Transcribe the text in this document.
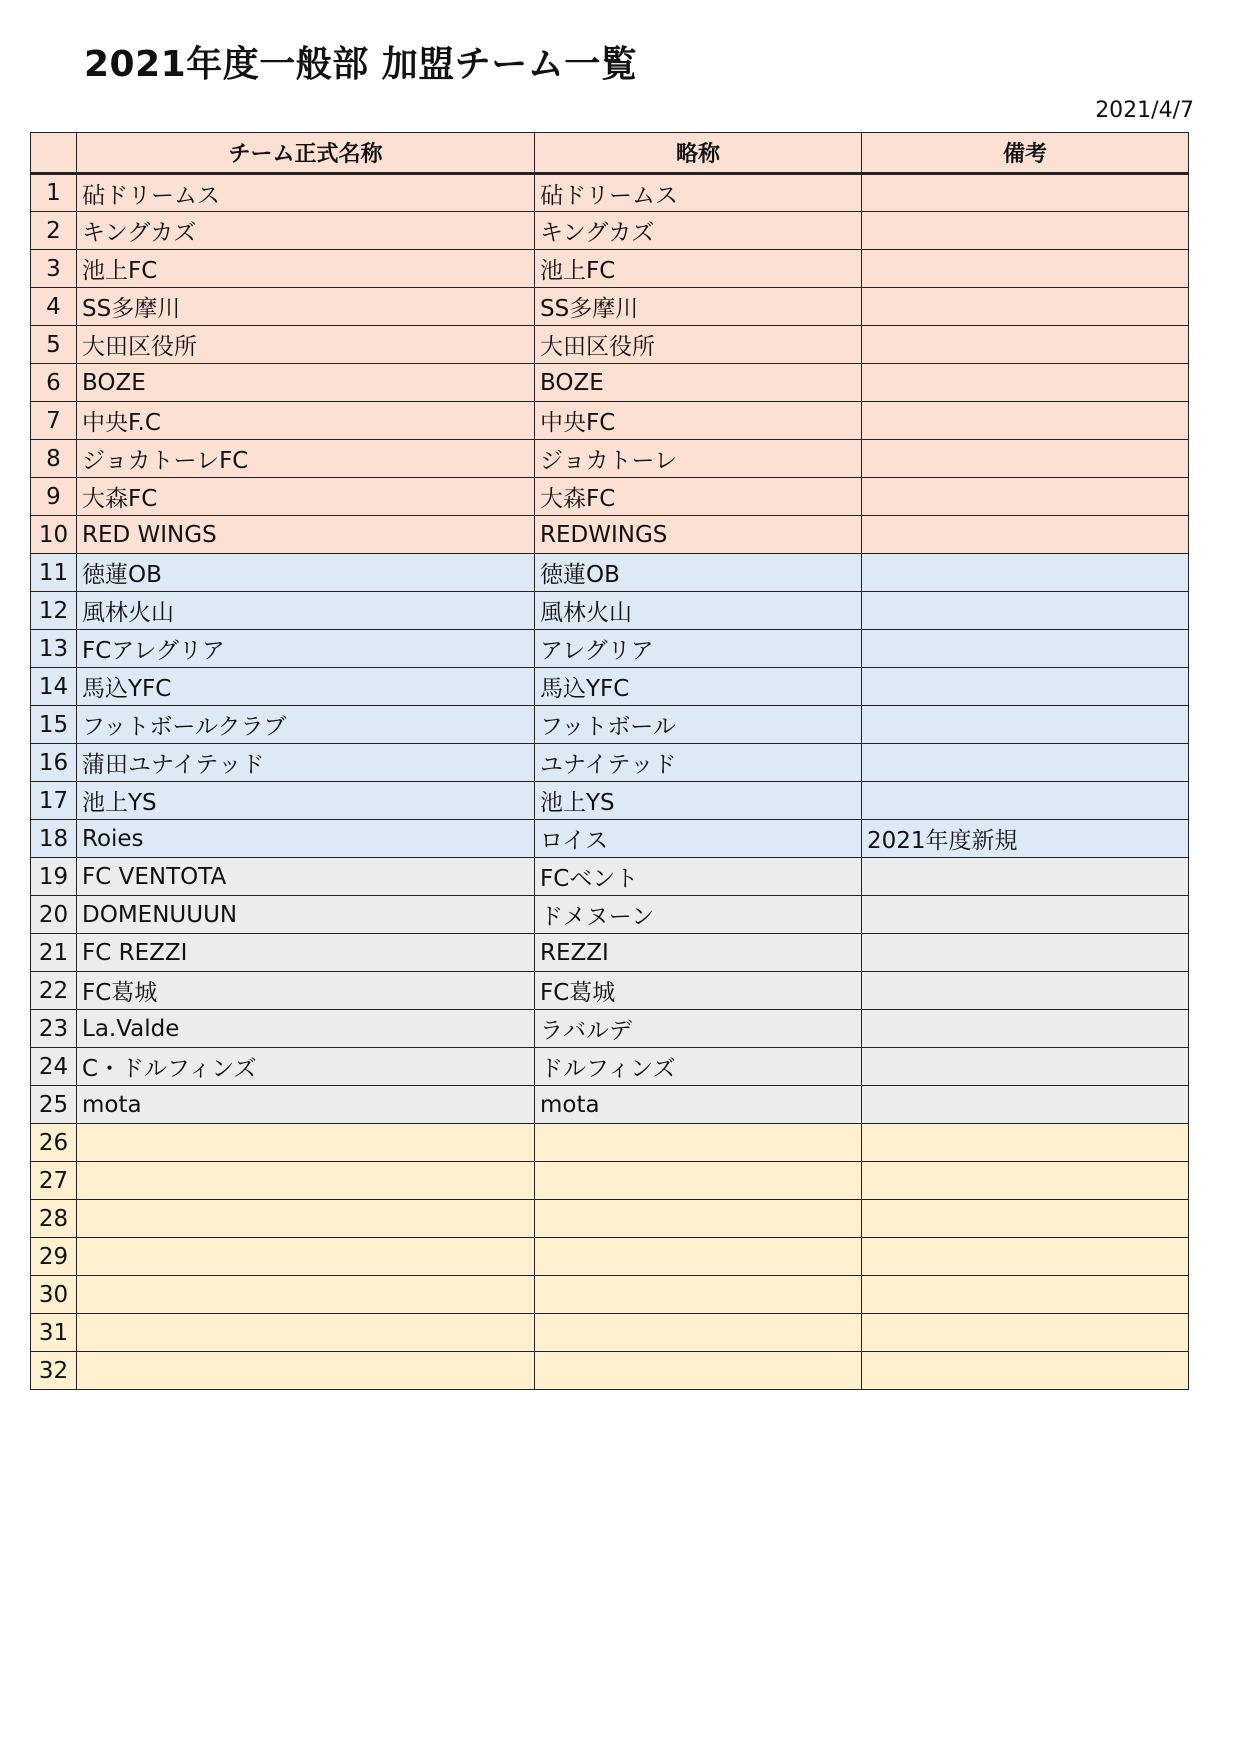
2021年度一般部 加盟チーム一覧
2021/4/7
	チーム正式名称	略称	備考
1	砧ドリームス	砧ドリームス	
2	キングカズ	キングカズ	
3	池上FC	池上FC	
4	SS多摩川	SS多摩川	
5	大田区役所	大田区役所	
6	BOZE	BOZE	
7	中央F.C	中央FC	
8	ジョカトーレFC	ジョカトーレ	
9	大森FC	大森FC	
10	RED WINGS	REDWINGS	
11	徳蓮OB	徳蓮OB	
12	風林火山	風林火山	
13	FCアレグリア	アレグリア	
14	馬込YFC	馬込YFC	
15	フットボールクラブ	フットボール	
16	蒲田ユナイテッド	ユナイテッド	
17	池上YS	池上YS	
18	Roies	ロイス	2021年度新規
19	FC VENTOTA	FCベント	
20	DOMENUUUN	ドメヌーン	
21	FC REZZI	REZZI	
22	FC葛城	FC葛城	
23	La.Valde	ラバルデ	
24	C・ドルフィンズ	ドルフィンズ	
25	mota	mota	
26			
27			
28			
29			
30			
31			
32			
